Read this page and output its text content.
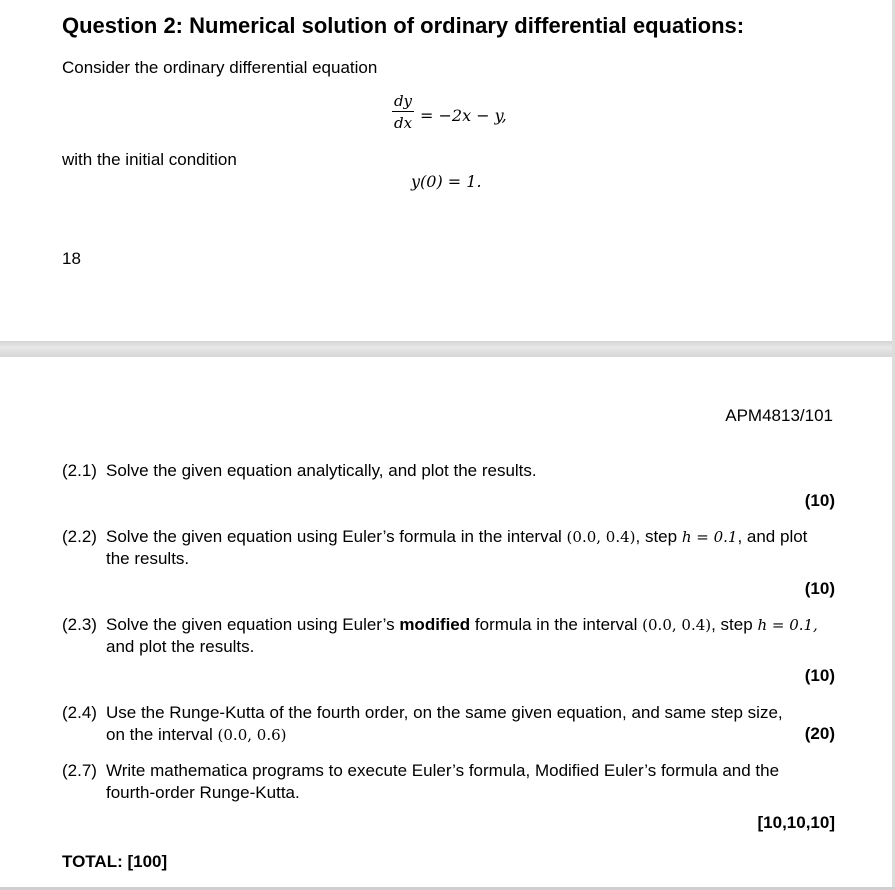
Question 2: Numerical solution of ordinary differential equations:
Consider the ordinary differential equation
dy
dx = −2x − y,
with the initial condition
y(0) = 1.
18
APM4813/101
(2.1) Solve the given equation analytically, and plot the results.
(10)
(2.2) Solve the given equation using Euler’s formula in the interval (0.0, 0.4), step h = 0.1, and plot
the results.
(10)
(2.3) Solve the given equation using Euler’s modified formula in the interval (0.0, 0.4), step h = 0.1,
and plot the results.
(10)
(2.4) Use the Runge-Kutta of the fourth order, on the same given equation, and same step size,
on the interval (0.0, 0.6)	(20)
(2.7) Write mathematica programs to execute Euler’s formula, Modified Euler’s formula and the
fourth-order Runge-Kutta.
[10,10,10]
TOTAL: [100]
